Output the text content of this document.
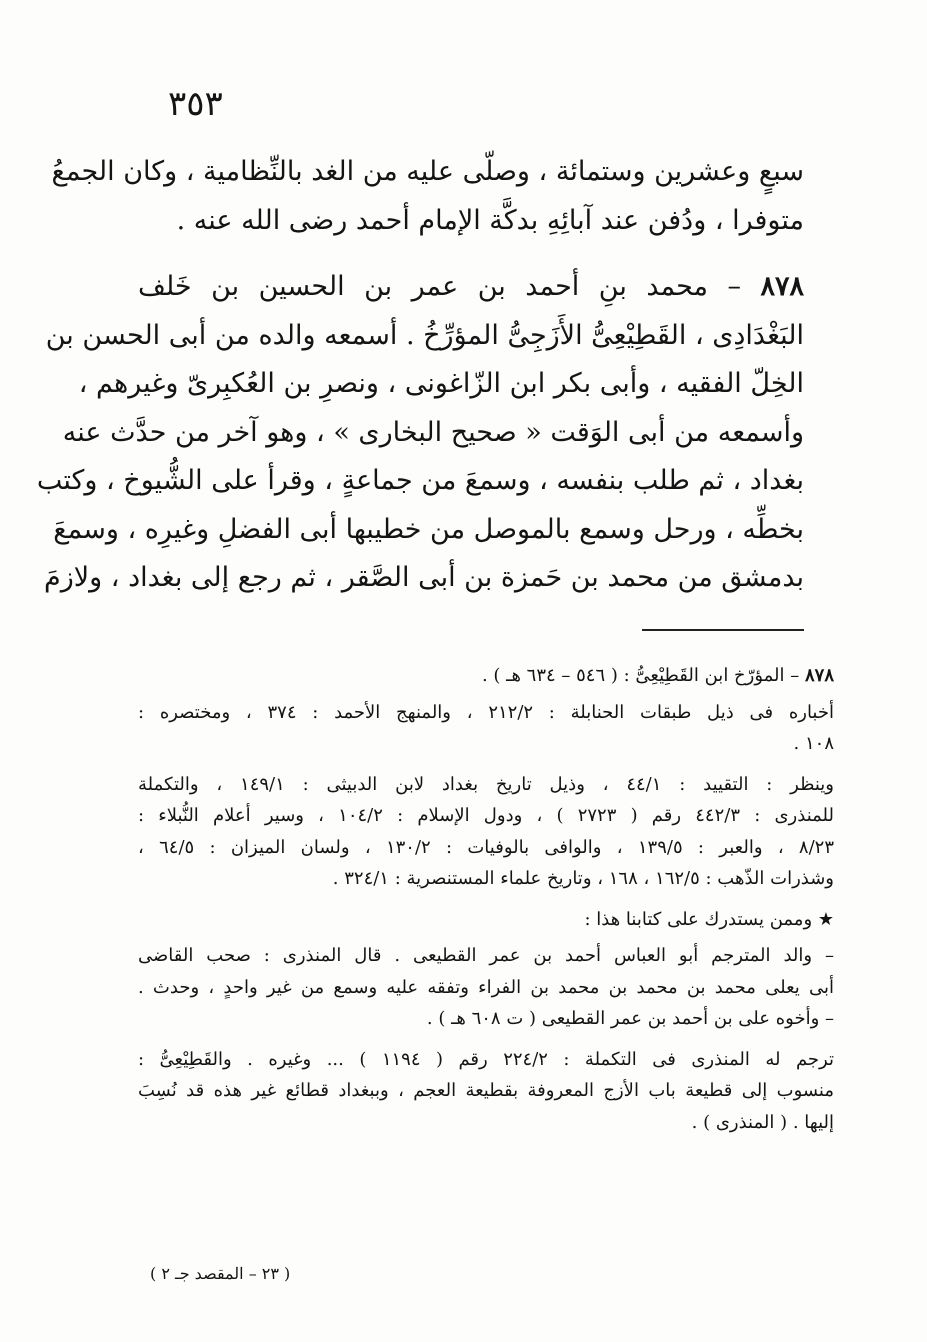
٣٥٣
سبعٍ وعشرين وستمائة ، وصلّى عليه من الغد بالنِّظامية ، وكان الجمعُ
متوفرا ، ودُفن عند آبائِهِ بدكَّة الإمام أحمد رضى الله عنه .
٨٧٨ – محمد بنِ أحمد بن عمر بن الحسين بن خَلف
البَغْدَادِى ، القَطِيْعِىُّ الأَزَجِىُّ المؤرِّخُ . أسمعه والده من أبى الحسن بن
الخِلّ الفقيه ، وأبى بكر ابن الزّاغونى ، ونصرِ بن العُكبِرىّ وغيرهم ،
وأسمعه من أبى الوَقت « صحيح البخارى » ، وهو آخر من حدَّث عنه
بغداد ، ثم طلب بنفسه ، وسمعَ من جماعةٍ ، وقرأ على الشُّيوخ ، وكتب
بخطِّه ، ورحل وسمع بالموصل من خطيبها أبى الفضلِ وغيرِه ، وسمعَ
بدمشق من محمد بن حَمزة بن أبى الصَّقر ، ثم رجع إلى بغداد ، ولازمَ
٨٧٨ – المؤرّخ ابن القَطِيْعِىُّ : ( ٥٤٦ – ٦٣٤ هـ ) .
أخباره فى ذيل طبقات الحنابلة : ٢١٢/٢ ، والمنهج الأحمد : ٣٧٤ ، ومختصره :
١٠٨ .
وينظر : التقييد : ٤٤/١ ، وذيل تاريخ بغداد لابن الدبيثى : ١٤٩/١ ، والتكملة
للمنذرى : ٤٤٢/٣ رقم ( ٢٧٢٣ ) ، ودول الإسلام : ١٠٤/٢ ، وسير أعلام النُّبلاء :
٨/٢٣ ، والعبر : ١٣٩/٥ ، والوافى بالوفيات : ١٣٠/٢ ، ولسان الميزان : ٦٤/٥ ،
وشذرات الذّهب : ١٦٢/٥ ، ١٦٨ ، وتاريخ علماء المستنصرية : ٣٢٤/١ .
★ وممن يستدرك على كتابنا هذا :
– والد المترجم أبو العباس أحمد بن عمر القطيعى . قال المنذرى : صحب القاضى
أبى يعلى محمد بن محمد بن محمد بن الفراء وتفقه عليه وسمع من غير واحدٍ ، وحدث .
– وأخوه على بن أحمد بن عمر القطيعى ( ت ٦٠٨ هـ ) .
ترجم له المنذرى فى التكملة : ٢٢٤/٢ رقم ( ١١٩٤ ) ... وغيره . والقَطِيْعِىُّ :
منسوب إلى قطيعة باب الأزج المعروفة بقطيعة العجم ، وببغداد قطائع غير هذه قد نُسِبَ
إليها . ( المنذرى ) .
( ٢٣ – المقصد جـ ٢ )
